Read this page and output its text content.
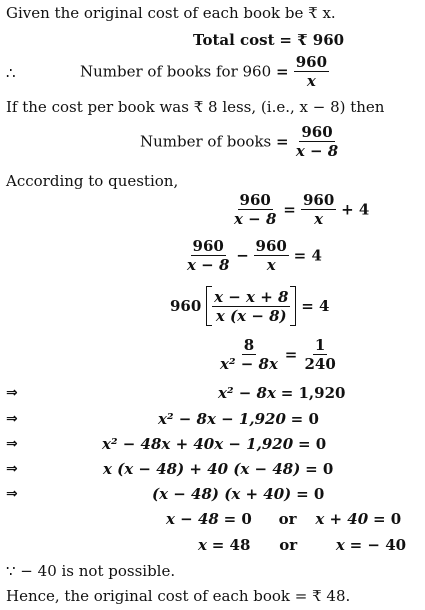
Given the original cost of each book be ₹ x.
Total cost = ₹ 960
∴	Number of books for $960 = \frac{960}{x}$
If the cost per book was ₹ 8 less, (i.e., x − 8) then
Number of books = $\frac{960}{x - 8}$
According to question,
$\frac{960}{x - 8} = \frac{960}{x} + 4$
$\frac{960}{x - 8} - \frac{960}{x} = 4$
$960 \frac{x - x + 8}{x (x - 8)} = 4$
$\frac{8}{\text{x² − 8x}} = \frac{1}{240}$
⇒	x² − 8x = 1,920
⇒	x² − 8x − 1,920 = 0
⇒	x² − 48x + 40x − 1,920 = 0
⇒	x (x − 48) + 40 (x − 48) = 0
⇒	(x − 48) (x + 40) = 0
x − 48 = 0 or x + 40 = 0
x = 48 or	x = − 40
∵ − 40 is not possible.
Hence, the original cost of each book = ₹ 48.
